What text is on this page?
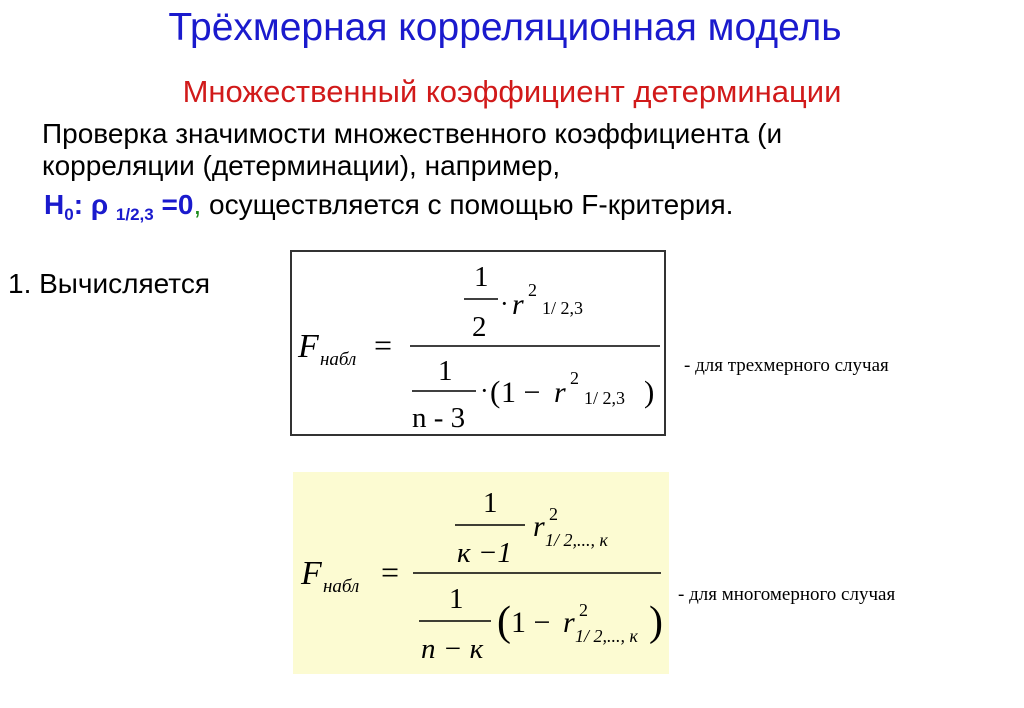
Трёхмерная корреляционная модель
Множественный коэффициент детерминации
Проверка значимости множественного коэффициента (и
корреляции (детерминации), например,
$H_0$: ρ $_{1/2,3}$ =0, осуществляется с помощью F-критерия.
1. Вычисляется
F набл =
1
2
· r 2
1/ 2,3
1
n - 3
· ( 1 − r 2
1/ 2,3 )
- для трехмерного случая
F набл =
1
к −1
r 2
1/ 2,..., к
1
n − к
( 1 − r 2
1/ 2,..., к )
- для многомерного случая
